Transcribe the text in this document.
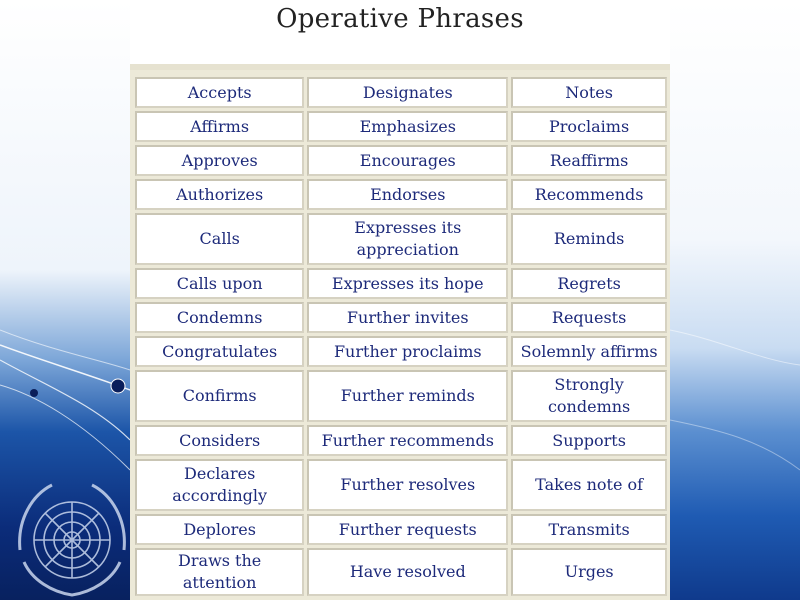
Operative Phrases
Accepts	Designates	Notes
Affirms	Emphasizes	Proclaims
Approves	Encourages	Reaffirms
Authorizes	Endorses	Recommends
Calls	Expresses its appreciation	Reminds
Calls upon	Expresses its hope	Regrets
Condemns	Further invites	Requests
Congratulates	Further proclaims	Solemnly affirms
Confirms	Further reminds	Strongly condemns
Considers	Further recommends	Supports
Declares accordingly	Further resolves	Takes note of
Deplores	Further requests	Transmits
Draws the attention	Have resolved	Urges
